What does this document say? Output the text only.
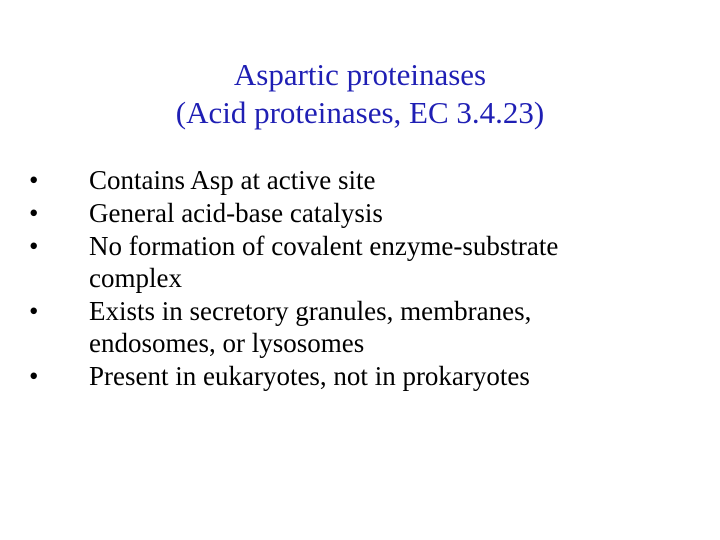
Aspartic proteinases
(Acid proteinases, EC 3.4.23)
• Contains Asp at active site
• General acid-base catalysis
• No formation of covalent enzyme-substrate
complex
• Exists in secretory granules, membranes,
endosomes, or lysosomes
• Present in eukaryotes, not in prokaryotes
